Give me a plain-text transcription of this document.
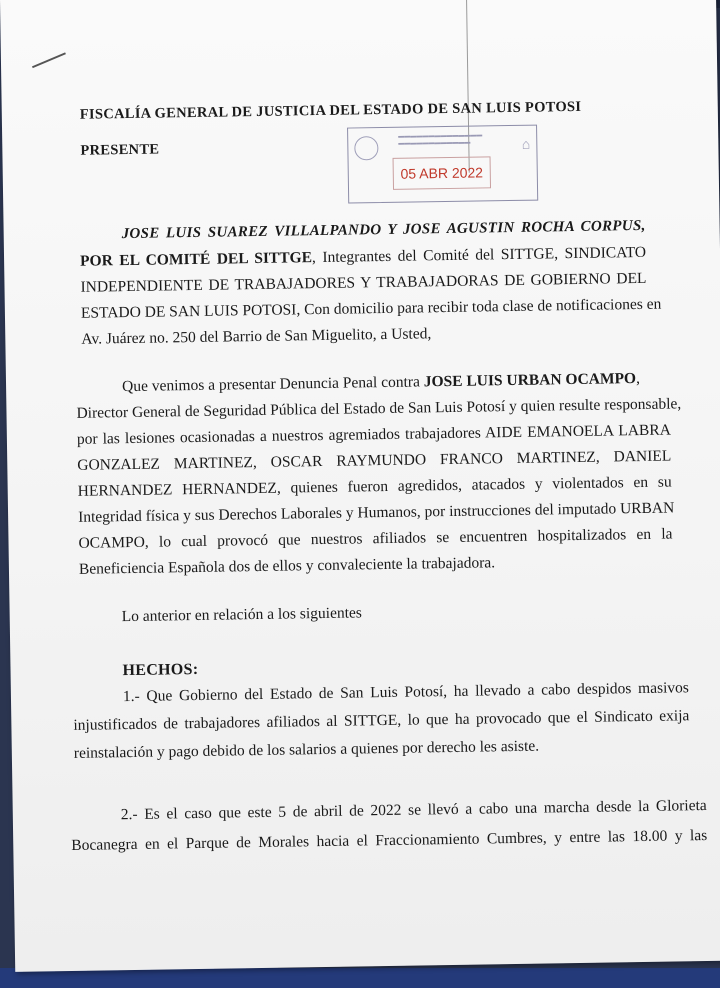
FISCALÍA GENERAL DE JUSTICIA DEL ESTADO DE SAN LUIS POTOSI
PRESENTE
▬▬▬▬▬▬▬▬▬▬▬▬▬▬
▬▬▬▬▬▬▬▬▬▬▬▬	⌂
05 ABR 2022
JOSE LUIS SUAREZ VILLALPANDO Y JOSE AGUSTIN ROCHA CORPUS,
POR EL COMITÉ DEL SITTGE, Integrantes del Comité del SITTGE, SINDICATO
INDEPENDIENTE DE TRABAJADORES Y TRABAJADORAS DE GOBIERNO DEL
ESTADO DE SAN LUIS POTOSI, Con domicilio para recibir toda clase de notificaciones en
Av. Juárez no. 250 del Barrio de San Miguelito, a Usted,
Que venimos a presentar Denuncia Penal contra JOSE LUIS URBAN OCAMPO,
Director General de Seguridad Pública del Estado de San Luis Potosí y quien resulte responsable,
por las lesiones ocasionadas a nuestros agremiados trabajadores AIDE EMANOELA LABRA
GONZALEZ MARTINEZ, OSCAR RAYMUNDO FRANCO MARTINEZ, DANIEL
HERNANDEZ HERNANDEZ, quienes fueron agredidos, atacados y violentados en su
Integridad física y sus Derechos Laborales y Humanos, por instrucciones del imputado URBAN
OCAMPO, lo cual provocó que nuestros afiliados se encuentren hospitalizados en la
Beneficiencia Española dos de ellos y convaleciente la trabajadora.
Lo anterior en relación a los siguientes
HECHOS:
1.- Que Gobierno del Estado de San Luis Potosí, ha llevado a cabo despidos masivos
injustificados de trabajadores afiliados al SITTGE, lo que ha provocado que el Sindicato exija
reinstalación y pago debido de los salarios a quienes por derecho les asiste.
2.- Es el caso que este 5 de abril de 2022 se llevó a cabo una marcha desde la Glorieta
Bocanegra en el Parque de Morales hacia el Fraccionamiento Cumbres, y entre las 18.00 y las
